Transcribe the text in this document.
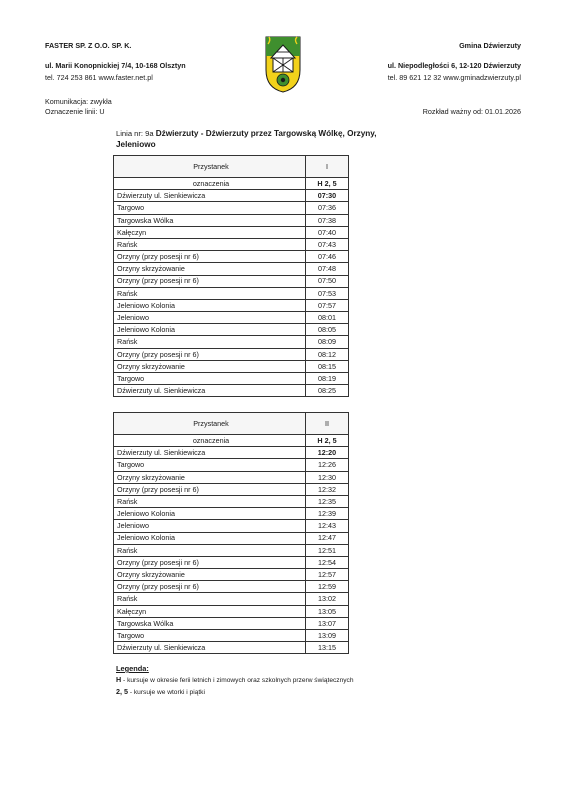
FASTER SP. Z O.O. SP. K.
ul. Marii Konopnickiej 7/4, 10-168 Olsztyn
tel. 724 253 861 www.faster.net.pl
Gmina Dźwierzuty
ul. Niepodległości 6, 12-120 Dźwierzuty
tel. 89 621 12 32 www.gminadzwierzuty.pl
Komunikacja: zwykła
Oznaczenie linii: U	Rozkład ważny od: 01.01.2026
Linia nr: 9a Dźwierzuty - Dźwierzuty przez Targowską Wólkę, Orzyny, Jeleniowo
Przystanek	I
oznaczenia	H 2, 5
Dźwierzuty ul. Sienkiewicza	07:30
Targowo	07:36
Targowska Wólka	07:38
Kałęczyn	07:40
Rańsk	07:43
Orzyny (przy posesji nr 6)	07:46
Orzyny skrzyżowanie	07:48
Orzyny (przy posesji nr 6)	07:50
Rańsk	07:53
Jeleniowo Kolonia	07:57
Jeleniowo	08:01
Jeleniowo Kolonia	08:05
Rańsk	08:09
Orzyny (przy posesji nr 6)	08:12
Orzyny skrzyżowanie	08:15
Targowo	08:19
Dźwierzuty ul. Sienkiewicza	08:25
Przystanek	II
oznaczenia	H 2, 5
Dźwierzuty ul. Sienkiewicza	12:20
Targowo	12:26
Orzyny skrzyżowanie	12:30
Orzyny (przy posesji nr 6)	12:32
Rańsk	12:35
Jeleniowo Kolonia	12:39
Jeleniowo	12:43
Jeleniowo Kolonia	12:47
Rańsk	12:51
Orzyny (przy posesji nr 6)	12:54
Orzyny skrzyżowanie	12:57
Orzyny (przy posesji nr 6)	12:59
Rańsk	13:02
Kałęczyn	13:05
Targowska Wólka	13:07
Targowo	13:09
Dźwierzuty ul. Sienkiewicza	13:15
Legenda:
H - kursuje w okresie ferii letnich i zimowych oraz szkolnych przerw świątecznych
2, 5 - kursuje we wtorki i piątki
